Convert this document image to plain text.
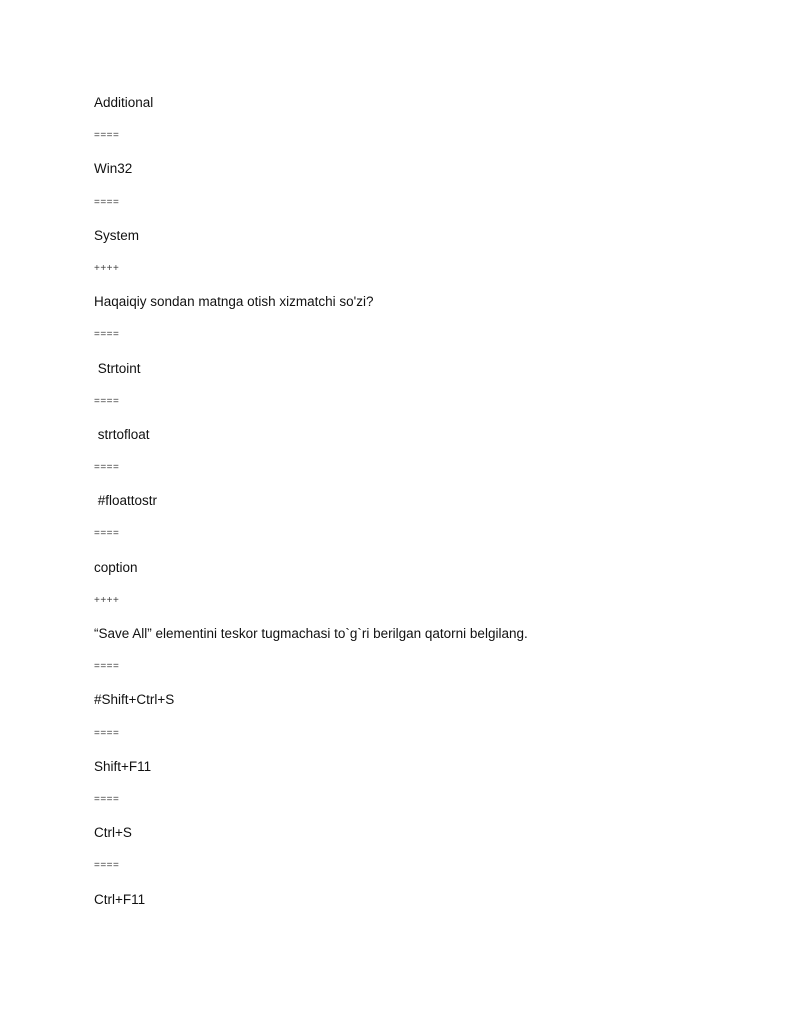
Additional
====
Win32
====
System
++++
Haqaiqiy sondan matnga otish xizmatchi so'zi?
====
Strtoint
====
strtofloat
====
#floattostr
====
coption
++++
“Save All” elementini teskor tugmachasi to`g`ri berilgan qatorni belgilang.
====
#Shift+Ctrl+S
====
Shift+F11
====
Ctrl+S
====
Ctrl+F11
